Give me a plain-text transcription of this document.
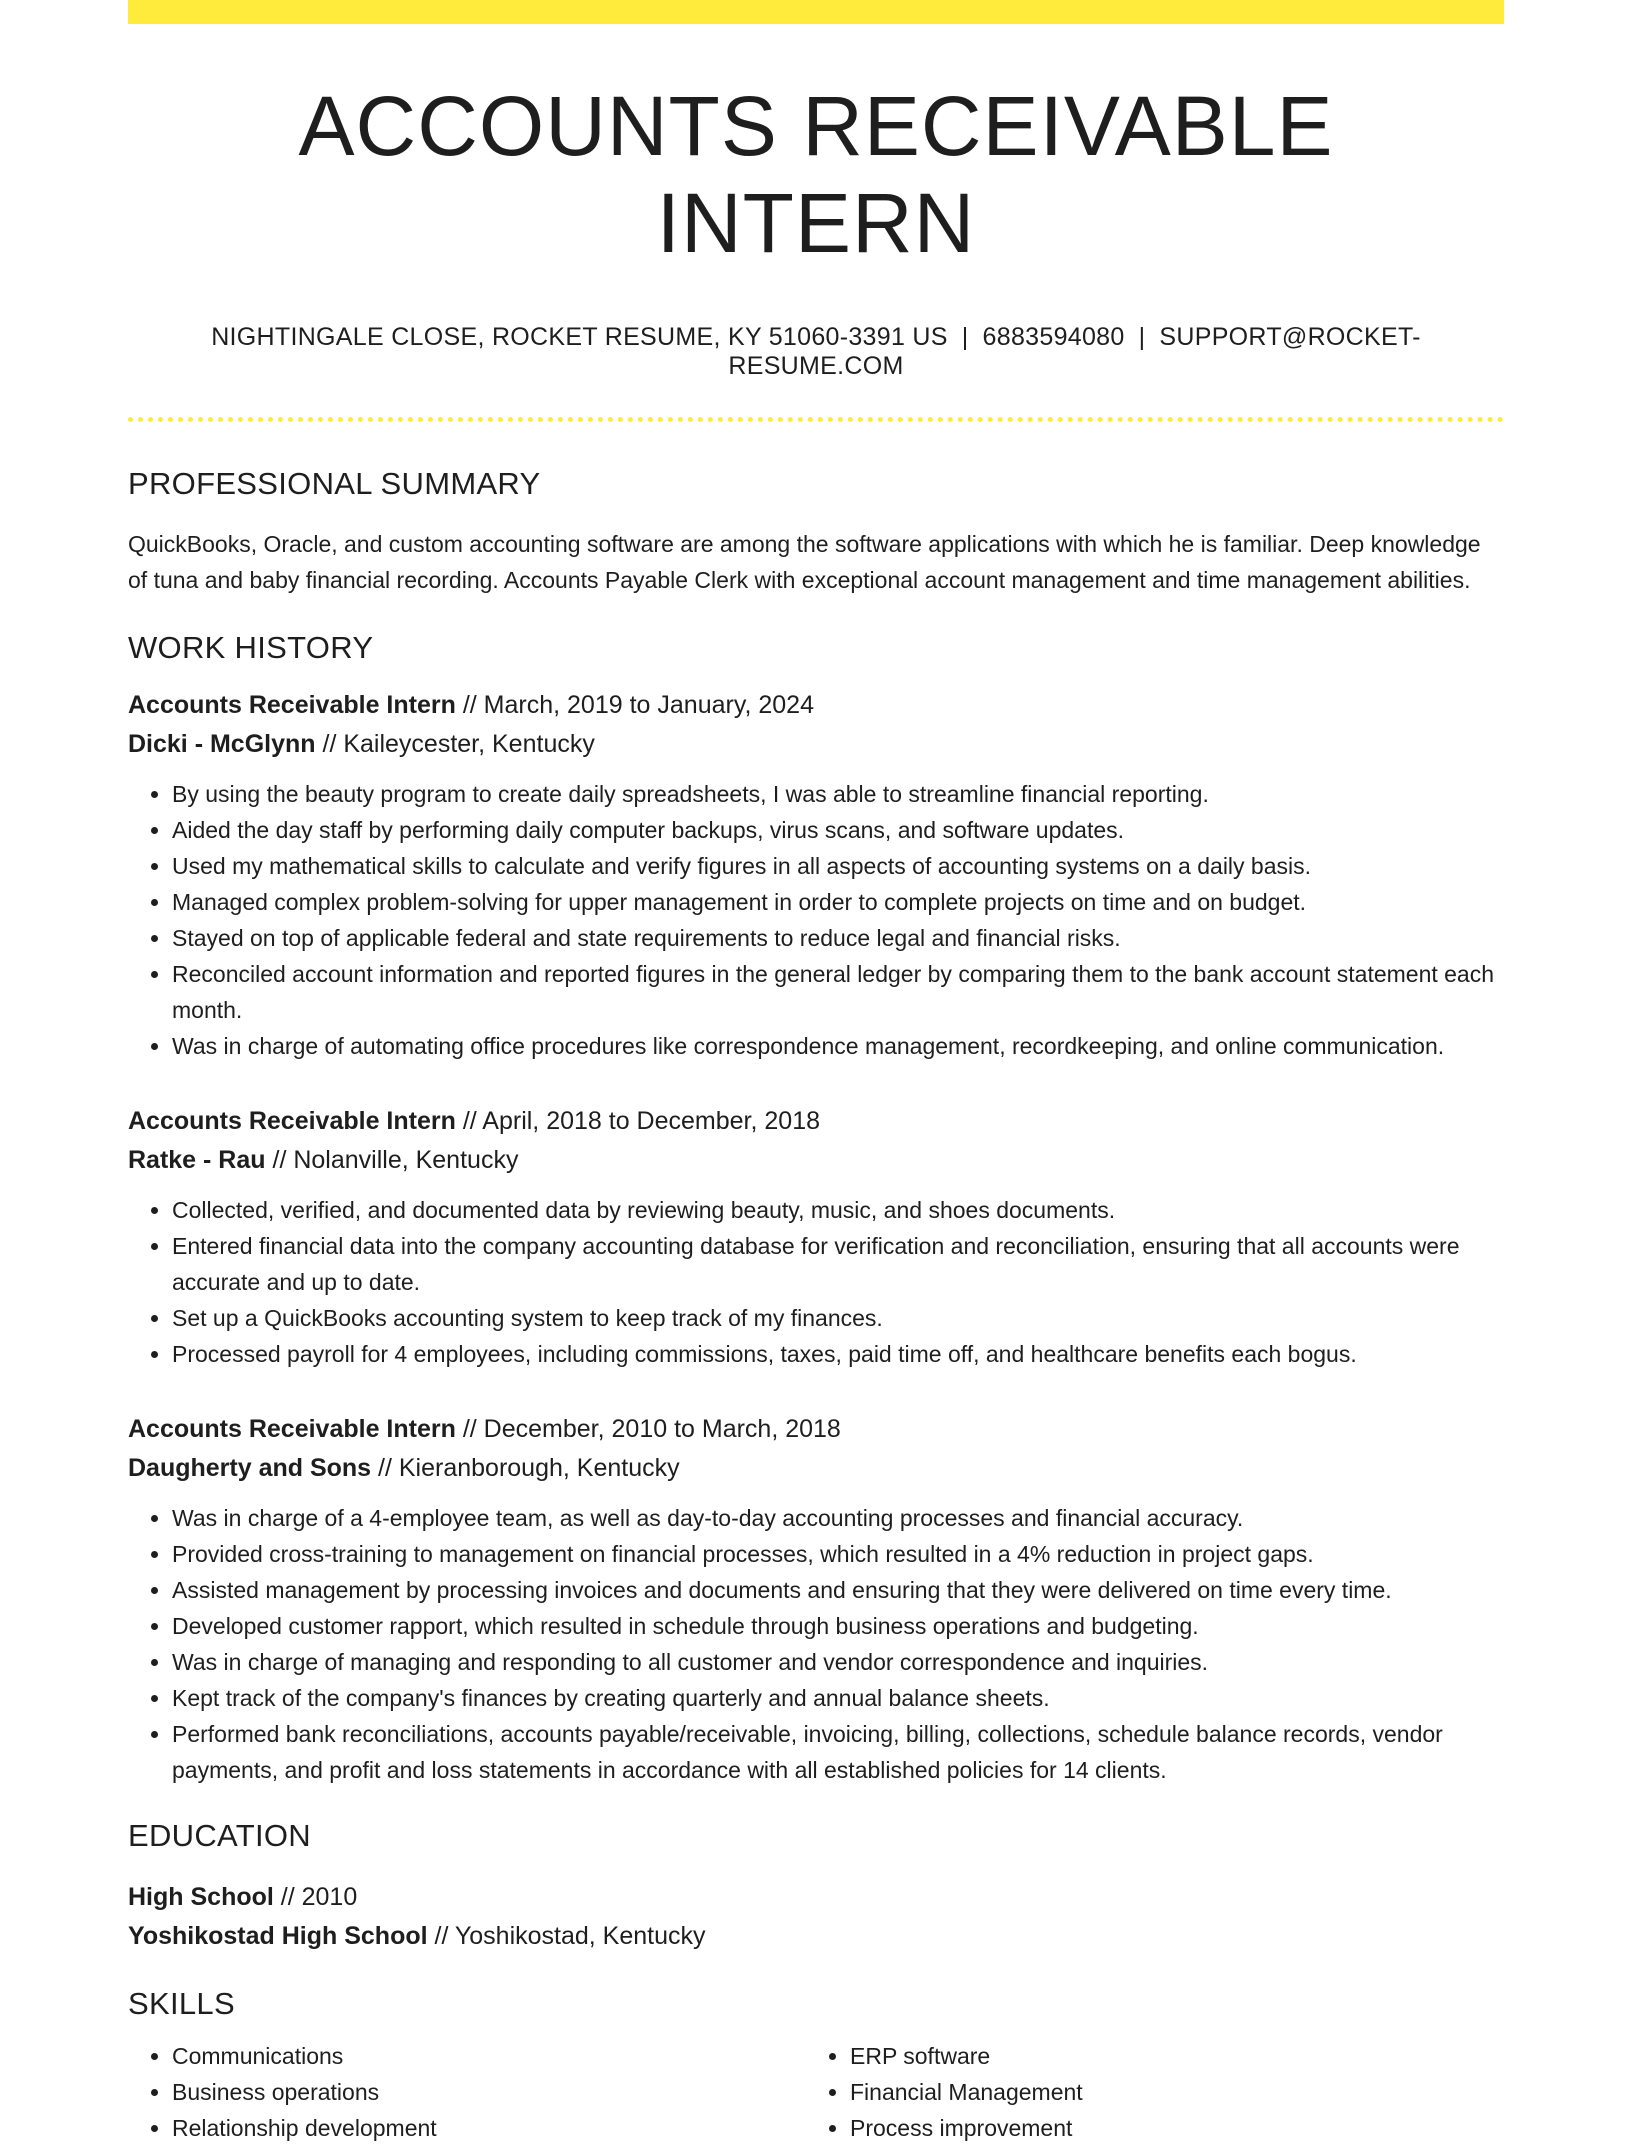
ACCOUNTS RECEIVABLE INTERN
NIGHTINGALE CLOSE, ROCKET RESUME, KY 51060-3391 US | 6883594080 | SUPPORT@ROCKET-RESUME.COM
PROFESSIONAL SUMMARY
QuickBooks, Oracle, and custom accounting software are among the software applications with which he is familiar. Deep knowledge of tuna and baby financial recording. Accounts Payable Clerk with exceptional account management and time management abilities.
WORK HISTORY
Accounts Receivable Intern // March, 2019 to January, 2024
Dicki - McGlynn // Kaileycester, Kentucky
• By using the beauty program to create daily spreadsheets, I was able to streamline financial reporting.
• Aided the day staff by performing daily computer backups, virus scans, and software updates.
• Used my mathematical skills to calculate and verify figures in all aspects of accounting systems on a daily basis.
• Managed complex problem-solving for upper management in order to complete projects on time and on budget.
• Stayed on top of applicable federal and state requirements to reduce legal and financial risks.
• Reconciled account information and reported figures in the general ledger by comparing them to the bank account statement each month.
• Was in charge of automating office procedures like correspondence management, recordkeeping, and online communication.
Accounts Receivable Intern // April, 2018 to December, 2018
Ratke - Rau // Nolanville, Kentucky
• Collected, verified, and documented data by reviewing beauty, music, and shoes documents.
• Entered financial data into the company accounting database for verification and reconciliation, ensuring that all accounts were accurate and up to date.
• Set up a QuickBooks accounting system to keep track of my finances.
• Processed payroll for 4 employees, including commissions, taxes, paid time off, and healthcare benefits each bogus.
Accounts Receivable Intern // December, 2010 to March, 2018
Daugherty and Sons // Kieranborough, Kentucky
• Was in charge of a 4-employee team, as well as day-to-day accounting processes and financial accuracy.
• Provided cross-training to management on financial processes, which resulted in a 4% reduction in project gaps.
• Assisted management by processing invoices and documents and ensuring that they were delivered on time every time.
• Developed customer rapport, which resulted in schedule through business operations and budgeting.
• Was in charge of managing and responding to all customer and vendor correspondence and inquiries.
• Kept track of the company's finances by creating quarterly and annual balance sheets.
• Performed bank reconciliations, accounts payable/receivable, invoicing, billing, collections, schedule balance records, vendor payments, and profit and loss statements in accordance with all established policies for 14 clients.
EDUCATION
High School // 2010
Yoshikostad High School // Yoshikostad, Kentucky
SKILLS
• Communications
• Business operations
• Relationship development
• ERP software
• Financial Management
• Process improvement
